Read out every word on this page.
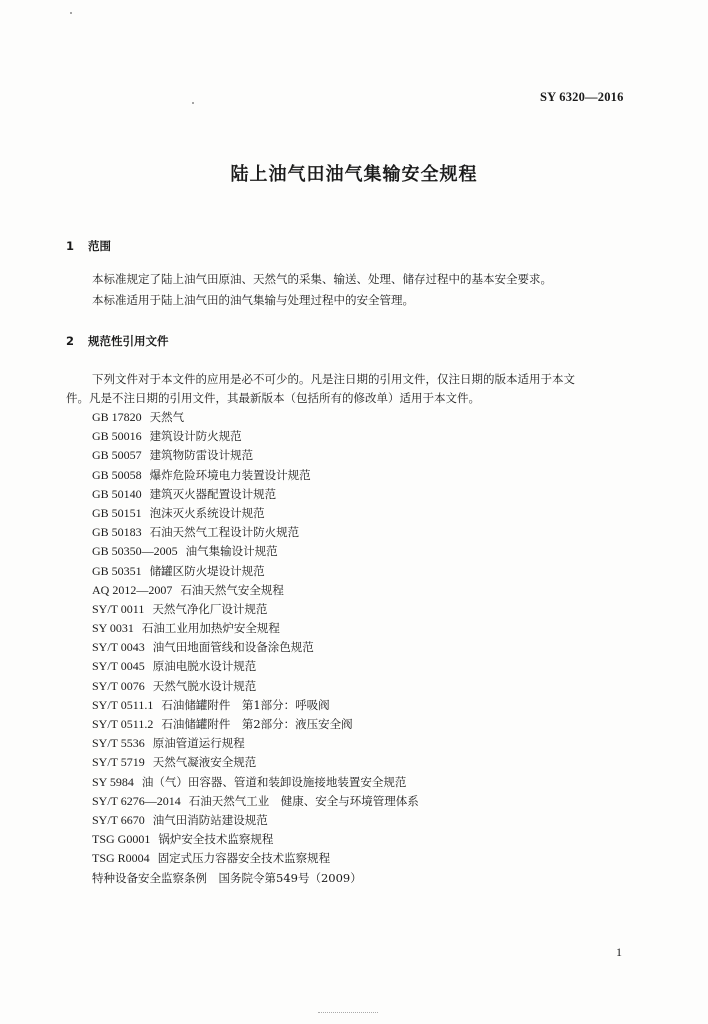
SY 6320—2016
陆上油气田油气集输安全规程
1 范围
本标准规定了陆上油气田原油、天然气的采集、输送、处理、储存过程中的基本安全要求。
本标准适用于陆上油气田的油气集输与处理过程中的安全管理。
2 规范性引用文件
下列文件对于本文件的应用是必不可少的。凡是注日期的引用文件，仅注日期的版本适用于本文
件。凡是不注日期的引用文件，其最新版本（包括所有的修改单）适用于本文件。
GB 17820 天然气
GB 50016 建筑设计防火规范
GB 50057 建筑物防雷设计规范
GB 50058 爆炸危险环境电力装置设计规范
GB 50140 建筑灭火器配置设计规范
GB 50151 泡沫灭火系统设计规范
GB 50183 石油天然气工程设计防火规范
GB 50350—2005 油气集输设计规范
GB 50351 储罐区防火堤设计规范
AQ 2012—2007 石油天然气安全规程
SY/T 0011 天然气净化厂设计规范
SY 0031 石油工业用加热炉安全规程
SY/T 0043 油气田地面管线和设备涂色规范
SY/T 0045 原油电脱水设计规范
SY/T 0076 天然气脱水设计规范
SY/T 0511.1 石油储罐附件　第1部分：呼吸阀
SY/T 0511.2 石油储罐附件　第2部分：液压安全阀
SY/T 5536 原油管道运行规程
SY/T 5719 天然气凝液安全规范
SY 5984 油（气）田容器、管道和装卸设施接地装置安全规范
SY/T 6276—2014 石油天然气工业　健康、安全与环境管理体系
SY/T 6670 油气田消防站建设规范
TSG G0001 锅炉安全技术监察规程
TSG R0004 固定式压力容器安全技术监察规程
特种设备安全监察条例　国务院令第549号（2009）
1
